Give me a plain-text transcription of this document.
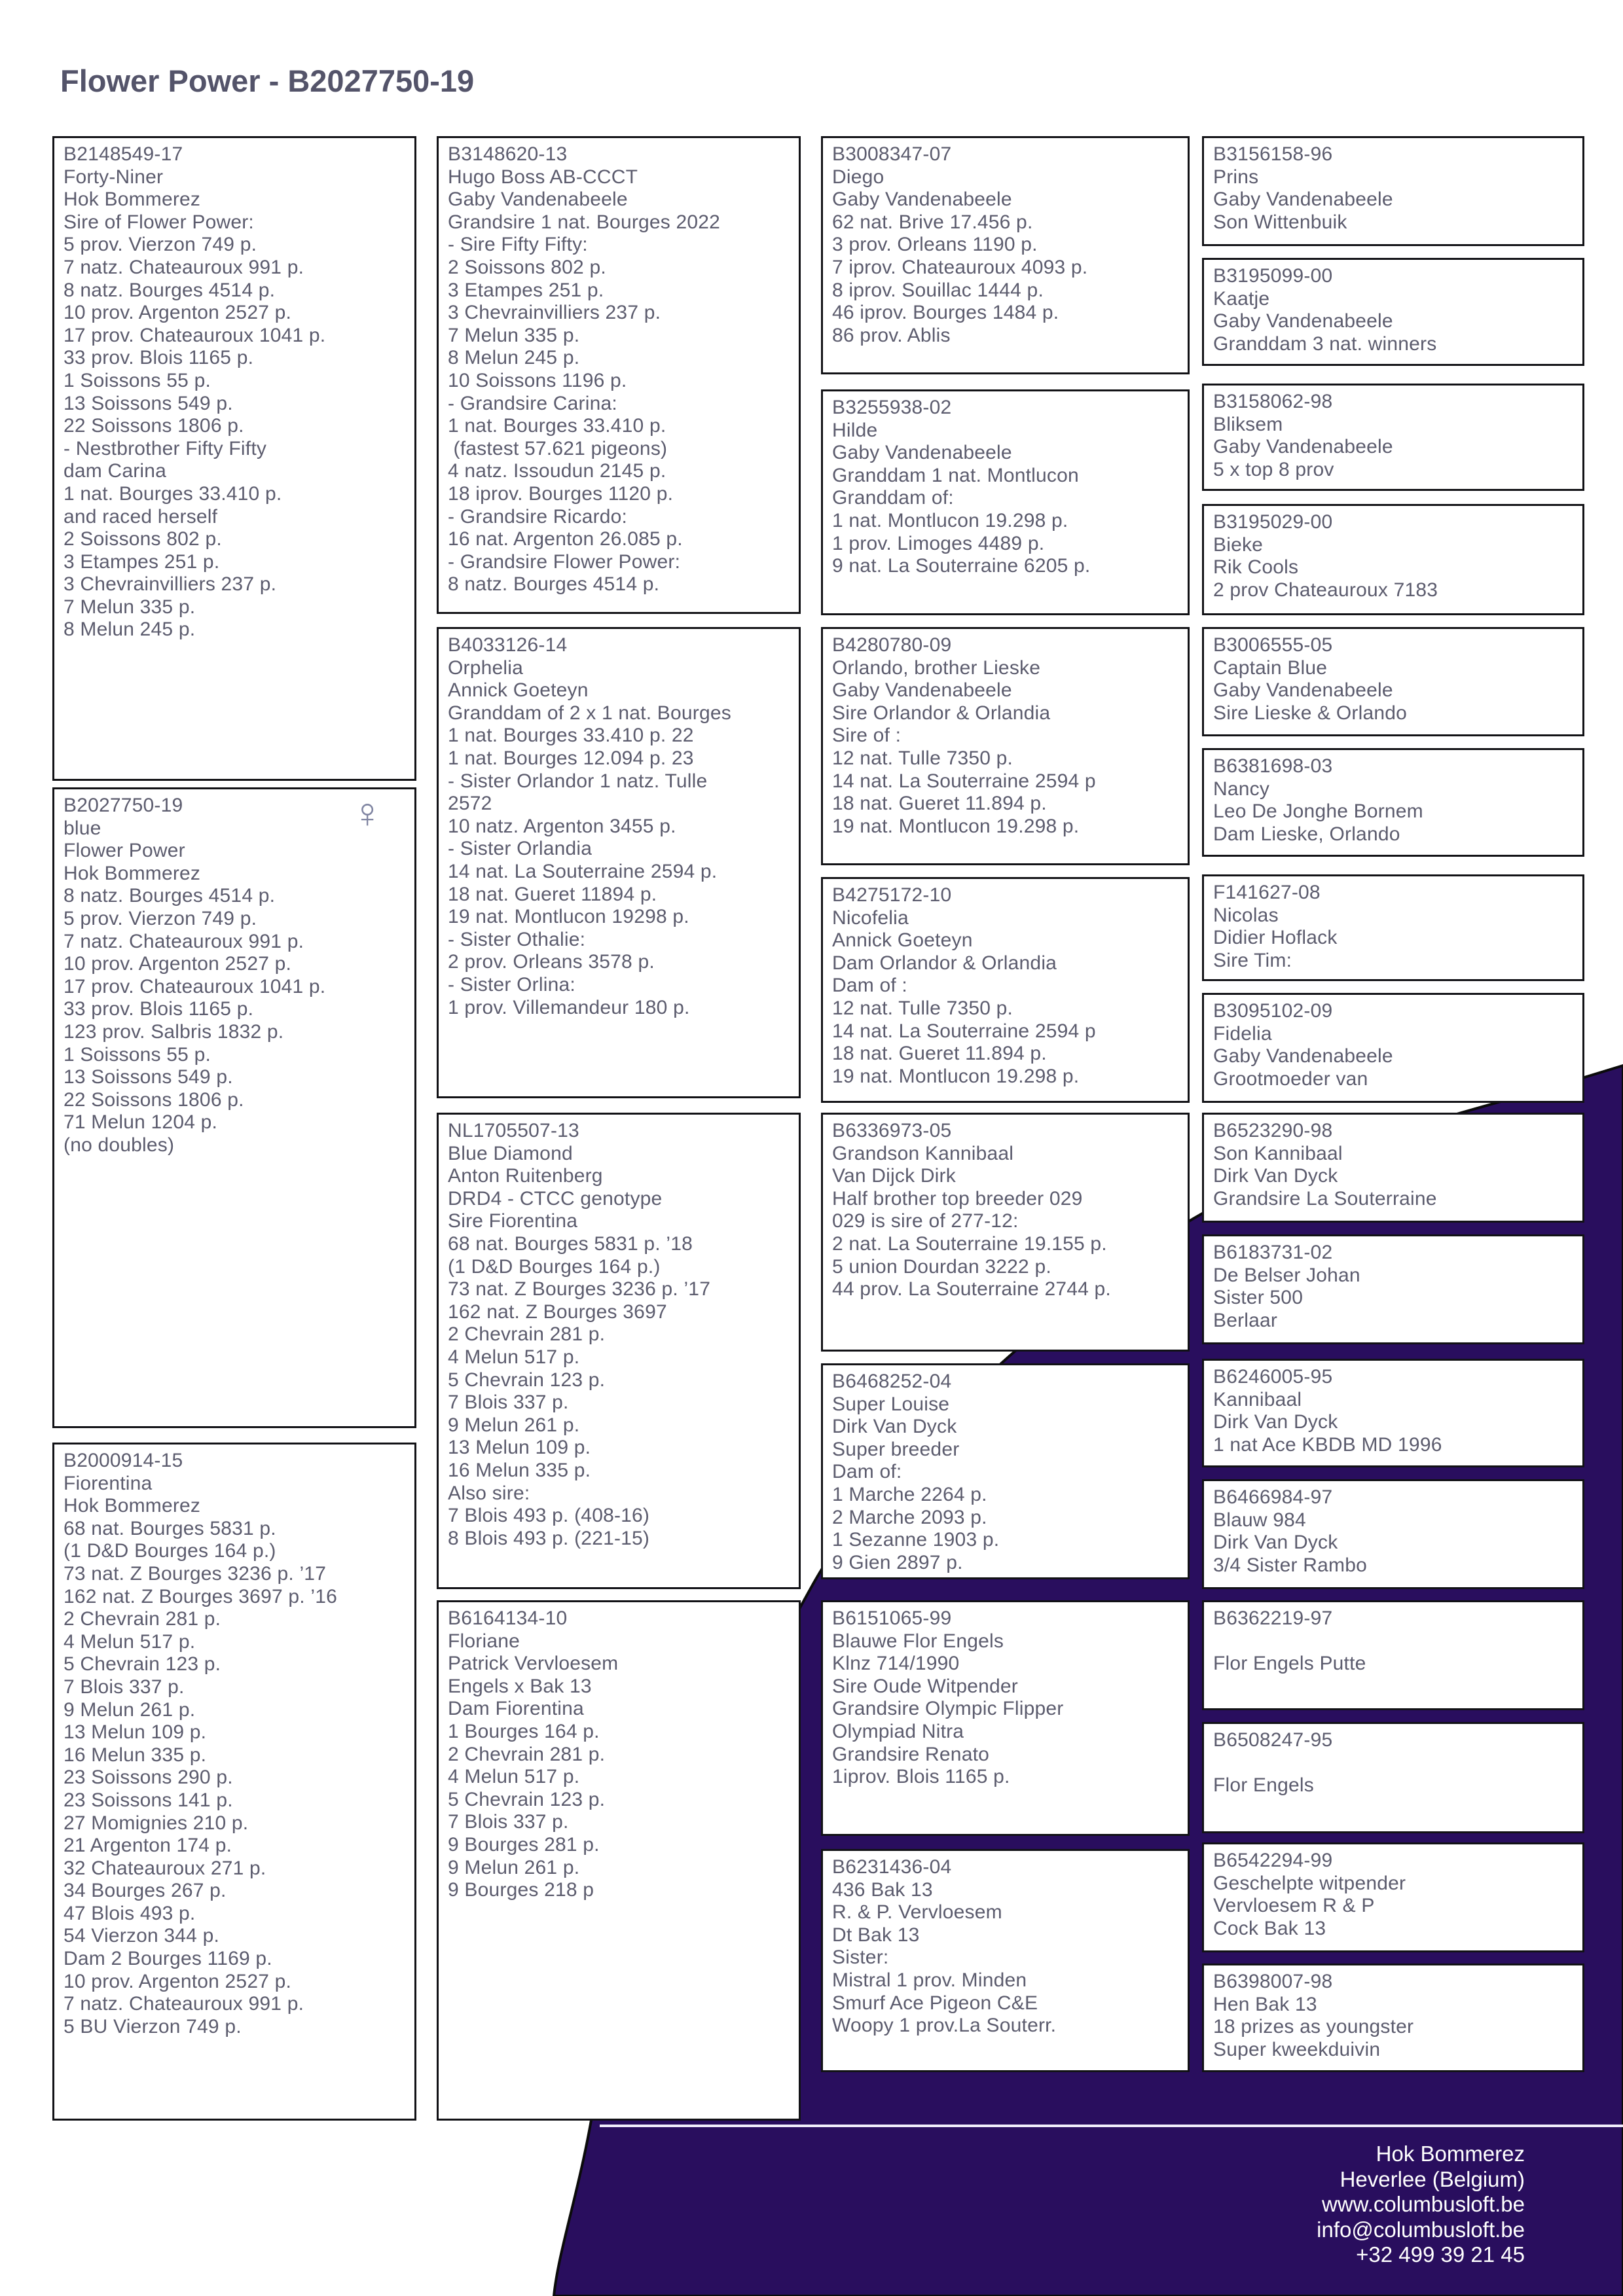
Flower Power - B2027750-19
B2148549-17
Forty-Niner
Hok Bommerez
Sire of Flower Power:
5 prov. Vierzon 749 p.
7 natz. Chateauroux 991 p.
8 natz. Bourges 4514 p.
10 prov. Argenton 2527 p.
17 prov. Chateauroux 1041 p.
33 prov. Blois 1165 p.
1 Soissons 55 p.
13 Soissons 549 p.
22 Soissons 1806 p.
- Nestbrother Fifty Fifty
dam Carina
1 nat. Bourges 33.410 p.
and raced herself
2 Soissons 802 p.
3 Etampes 251 p.
3 Chevrainvilliers 237 p.
7 Melun 335 p.
8 Melun 245 p.
♀
B2027750-19
blue
Flower Power
Hok Bommerez
8 natz. Bourges 4514 p.
5 prov. Vierzon 749 p.
7 natz. Chateauroux 991 p.
10 prov. Argenton 2527 p.
17 prov. Chateauroux 1041 p.
33 prov. Blois 1165 p.
123 prov. Salbris 1832 p.
1 Soissons 55 p.
13 Soissons 549 p.
22 Soissons 1806 p.
71 Melun 1204 p.
(no doubles)
B2000914-15
Fiorentina
Hok Bommerez
68 nat. Bourges 5831 p.
(1 D&D Bourges 164 p.)
73 nat. Z Bourges 3236 p. ’17
162 nat. Z Bourges 3697 p. ’16
2 Chevrain 281 p.
4 Melun 517 p.
5 Chevrain 123 p.
7 Blois 337 p.
9 Melun 261 p.
13 Melun 109 p.
16 Melun 335 p.
23 Soissons 290 p.
23 Soissons 141 p.
27 Momignies 210 p.
21 Argenton 174 p.
32 Chateauroux 271 p.
34 Bourges 267 p.
47 Blois 493 p.
54 Vierzon 344 p.
Dam 2 Bourges 1169 p.
10 prov. Argenton 2527 p.
7 natz. Chateauroux 991 p.
5 BU Vierzon 749 p.
B3148620-13
Hugo Boss AB-CCCT
Gaby Vandenabeele
Grandsire 1 nat. Bourges 2022
- Sire Fifty Fifty:
2 Soissons 802 p.
3 Etampes 251 p.
3 Chevrainvilliers 237 p.
7 Melun 335 p.
8 Melun 245 p.
10 Soissons 1196 p.
- Grandsire Carina:
1 nat. Bourges 33.410 p.
(fastest 57.621 pigeons)
4 natz. Issoudun 2145 p.
18 iprov. Bourges 1120 p.
- Grandsire Ricardo:
16 nat. Argenton 26.085 p.
- Grandsire Flower Power:
8 natz. Bourges 4514 p.
B4033126-14
Orphelia
Annick Goeteyn
Granddam of 2 x 1 nat. Bourges
1 nat. Bourges 33.410 p. 22
1 nat. Bourges 12.094 p. 23
- Sister Orlandor 1 natz. Tulle
2572
10 natz. Argenton 3455 p.
- Sister Orlandia
14 nat. La Souterraine 2594 p.
18 nat. Gueret 11894 p.
19 nat. Montlucon 19298 p.
- Sister Othalie:
2 prov. Orleans 3578 p.
- Sister Orlina:
1 prov. Villemandeur 180 p.
NL1705507-13
Blue Diamond
Anton Ruitenberg
DRD4 - CTCC genotype
Sire Fiorentina
68 nat. Bourges 5831 p. ’18
(1 D&D Bourges 164 p.)
73 nat. Z Bourges 3236 p. ’17
162 nat. Z Bourges 3697
2 Chevrain 281 p.
4 Melun 517 p.
5 Chevrain 123 p.
7 Blois 337 p.
9 Melun 261 p.
13 Melun 109 p.
16 Melun 335 p.
Also sire:
7 Blois 493 p. (408-16)
8 Blois 493 p. (221-15)
B6164134-10
Floriane
Patrick Vervloesem
Engels x Bak 13
Dam Fiorentina
1 Bourges 164 p.
2 Chevrain 281 p.
4 Melun 517 p.
5 Chevrain 123 p.
7 Blois 337 p.
9 Bourges 281 p.
9 Melun 261 p.
9 Bourges 218 p
B3008347-07
Diego
Gaby Vandenabeele
62 nat. Brive 17.456 p.
3 prov. Orleans 1190 p.
7 iprov. Chateauroux 4093 p.
8 iprov. Souillac 1444 p.
46 iprov. Bourges 1484 p.
86 prov. Ablis
B3255938-02
Hilde
Gaby Vandenabeele
Granddam 1 nat. Montlucon
Granddam of:
1 nat. Montlucon 19.298 p.
1 prov. Limoges 4489 p.
9 nat. La Souterraine 6205 p.
B4280780-09
Orlando, brother Lieske
Gaby Vandenabeele
Sire Orlandor & Orlandia
Sire of :
12 nat. Tulle 7350 p.
14 nat. La Souterraine 2594 p
18 nat. Gueret 11.894 p.
19 nat. Montlucon 19.298 p.
B4275172-10
Nicofelia
Annick Goeteyn
Dam Orlandor & Orlandia
Dam of :
12 nat. Tulle 7350 p.
14 nat. La Souterraine 2594 p
18 nat. Gueret 11.894 p.
19 nat. Montlucon 19.298 p.
B6336973-05
Grandson Kannibaal
Van Dijck Dirk
Half brother top breeder 029
029 is sire of 277-12:
2 nat. La Souterraine 19.155 p.
5 union Dourdan 3222 p.
44 prov. La Souterraine 2744 p.
B6468252-04
Super Louise
Dirk Van Dyck
Super breeder
Dam of:
1 Marche 2264 p.
2 Marche 2093 p.
1 Sezanne 1903 p.
9 Gien 2897 p.
B6151065-99
Blauwe Flor Engels
Klnz 714/1990
Sire Oude Witpender
Grandsire Olympic Flipper
Olympiad Nitra
Grandsire Renato
1iprov. Blois 1165 p.
B6231436-04
436 Bak 13
R. & P. Vervloesem
Dt Bak 13
Sister:
Mistral 1 prov. Minden
Smurf Ace Pigeon C&E
Woopy 1 prov.La Souterr.
B3156158-96
Prins
Gaby Vandenabeele
Son Wittenbuik
B3195099-00
Kaatje
Gaby Vandenabeele
Granddam 3 nat. winners
B3158062-98
Bliksem
Gaby Vandenabeele
5 x top 8 prov
B3195029-00
Bieke
Rik Cools
2 prov Chateauroux 7183
B3006555-05
Captain Blue
Gaby Vandenabeele
Sire Lieske & Orlando
B6381698-03
Nancy
Leo De Jonghe Bornem
Dam Lieske, Orlando
F141627-08
Nicolas
Didier Hoflack
Sire Tim:
B3095102-09
Fidelia
Gaby Vandenabeele
Grootmoeder van
B6523290-98
Son Kannibaal
Dirk Van Dyck
Grandsire La Souterraine
B6183731-02
De Belser Johan
Sister 500
Berlaar
B6246005-95
Kannibaal
Dirk Van Dyck
1 nat Ace KBDB MD 1996
B6466984-97
Blauw 984
Dirk Van Dyck
3/4 Sister Rambo
B6362219-97
Flor Engels Putte
B6508247-95
Flor Engels
B6542294-99
Geschelpte witpender
Vervloesem R & P
Cock Bak 13
B6398007-98
Hen Bak 13
18 prizes as youngster
Super kweekduivin
Hok Bommerez
Heverlee (Belgium)
www.columbusloft.be
info@columbusloft.be
+32 499 39 21 45
